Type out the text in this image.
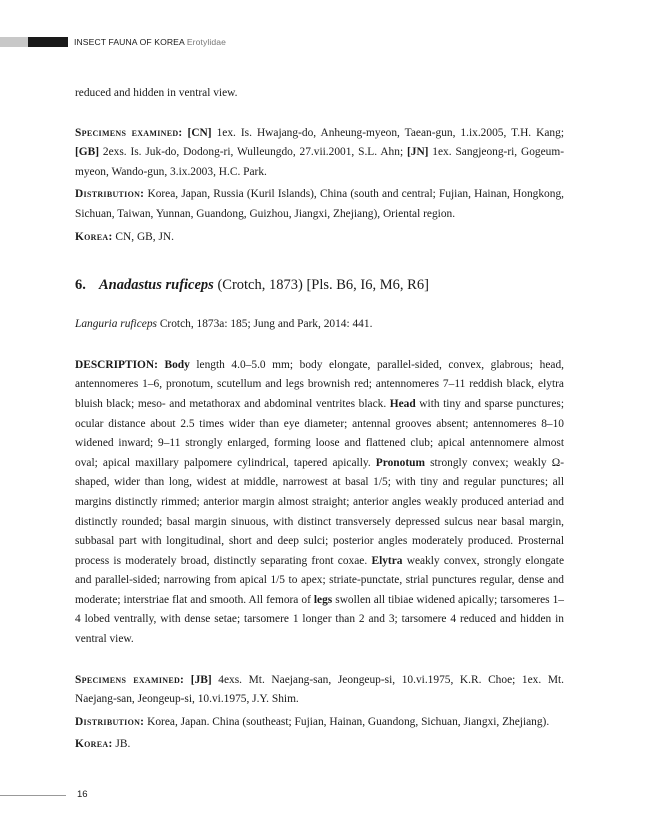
INSECT FAUNA OF KOREA Erotylidae

reduced and hidden in ventral view.

Specimens examined: [CN] 1ex. Is. Hwajang-do, Anheung-myeon, Taean-gun, 1.ix.2005, T.H. Kang; [GB] 2exs. Is. Juk-do, Dodong-ri, Wulleungdo, 27.vii.2001, S.L. Ahn; [JN] 1ex. Sangjeong-ri, Gogeum-myeon, Wando-gun, 3.ix.2003, H.C. Park.

Distribution: Korea, Japan, Russia (Kuril Islands), China (south and central; Fujian, Hainan, Hongkong, Sichuan, Taiwan, Yunnan, Guandong, Guizhou, Jiangxi, Zhejiang), Oriental region.

Korea: CN, GB, JN.

6. Anadastus ruficeps (Crotch, 1873) [Pls. B6, I6, M6, R6]

Languria ruficeps Crotch, 1873a: 185; Jung and Park, 2014: 441.

DESCRIPTION: Body length 4.0–5.0 mm; body elongate, parallel-sided, convex, glabrous; head, antennomeres 1–6, pronotum, scutellum and legs brownish red; antennomeres 7–11 reddish black, elytra bluish black; meso- and metathorax and abdominal ventrites black. Head with tiny and sparse punctures; ocular distance about 2.5 times wider than eye diameter; antennal grooves absent; antennomeres 8–10 widened inward; 9–11 strongly enlarged, forming loose and flattened club; apical antennomere almost oval; apical maxillary palpomere cylindrical, tapered apically. Pronotum strongly convex; weakly Ω-shaped, wider than long, widest at middle, narrowest at basal 1/5; with tiny and regular punctures; all margins distinctly rimmed; anterior margin almost straight; anterior angles weakly produced anteriad and distinctly rounded; basal margin sinuous, with distinct transversely depressed sulcus near basal margin, subbasal part with longitudinal, short and deep sulci; posterior angles moderately produced. Prosternal process is moderately broad, distinctly separating front coxae. Elytra weakly convex, strongly elongate and parallel-sided; narrowing from apical 1/5 to apex; striate-punctate, strial punctures regular, dense and moderate; interstriae flat and smooth. All femora of legs swollen all tibiae widened apically; tarsomeres 1–4 lobed ventrally, with dense setae; tarsomere 1 longer than 2 and 3; tarsomere 4 reduced and hidden in ventral view.

Specimens examined: [JB] 4exs. Mt. Naejang-san, Jeongeup-si, 10.vi.1975, K.R. Choe; 1ex. Mt. Naejang-san, Jeongeup-si, 10.vi.1975, J.Y. Shim.

Distribution: Korea, Japan. China (southeast; Fujian, Hainan, Guandong, Sichuan, Jiangxi, Zhejiang).

Korea: JB.

16
